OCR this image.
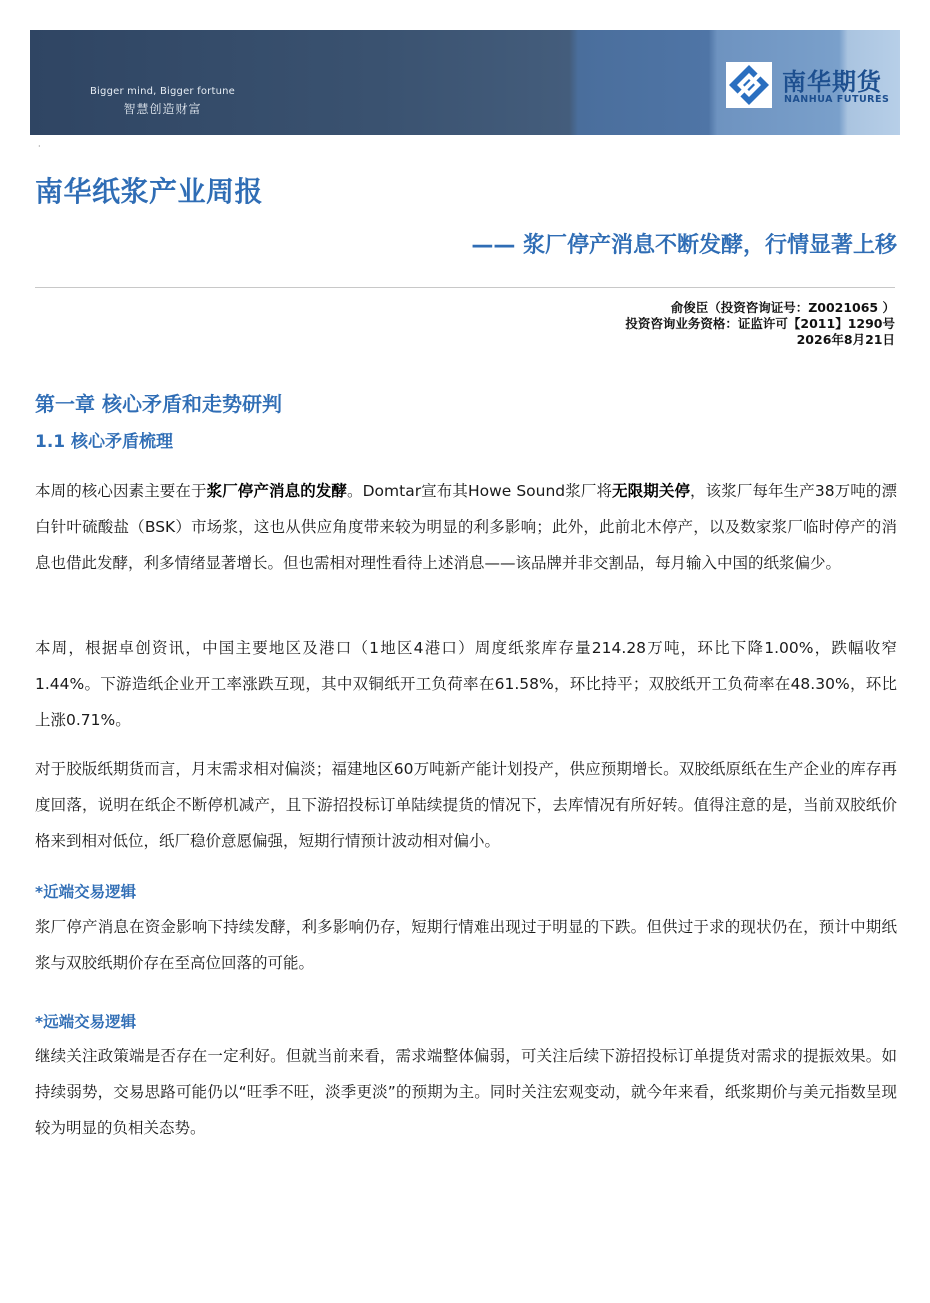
Bigger mind, Bigger fortune
智慧创造财富
南华期货
NANHUA FUTURES
·
南华纸浆产业周报
—— 浆厂停产消息不断发酵，行情显著上移
俞俊臣（投资咨询证号：Z0021065 ）
投资咨询业务资格：证监许可【2011】1290号
2026年8月21日
第一章 核心矛盾和走势研判
1.1 核心矛盾梳理

本周的核心因素主要在于浆厂停产消息的发酵。Domtar宣布其Howe Sound浆厂将无限期关停，该浆厂每年生产38万吨的漂白针叶硫酸盐（BSK）市场浆，这也从供应角度带来较为明显的利多影响；此外，此前北木停产，以及数家浆厂临时停产的消息也借此发酵，利多情绪显著增长。但也需相对理性看待上述消息——该品牌并非交割品，每月输入中国的纸浆偏少。

本周，根据卓创资讯，中国主要地区及港口（1地区4港口）周度纸浆库存量214.28万吨，环比下降1.00%，跌幅收窄1.44%。下游造纸企业开工率涨跌互现，其中双铜纸开工负荷率在61.58%，环比持平；双胶纸开工负荷率在48.30%，环比上涨0.71%。

对于胶版纸期货而言，月末需求相对偏淡；福建地区60万吨新产能计划投产，供应预期增长。双胶纸原纸在生产企业的库存再度回落，说明在纸企不断停机减产，且下游招投标订单陆续提货的情况下，去库情况有所好转。值得注意的是，当前双胶纸价格来到相对低位，纸厂稳价意愿偏强，短期行情预计波动相对偏小。

*近端交易逻辑

浆厂停产消息在资金影响下持续发酵，利多影响仍存，短期行情难出现过于明显的下跌。但供过于求的现状仍在，预计中期纸浆与双胶纸期价存在至高位回落的可能。

*远端交易逻辑

继续关注政策端是否存在一定利好。但就当前来看，需求端整体偏弱，可关注后续下游招投标订单提货对需求的提振效果。如持续弱势，交易思路可能仍以“旺季不旺，淡季更淡”的预期为主。同时关注宏观变动，就今年来看，纸浆期价与美元指数呈现较为明显的负相关态势。
